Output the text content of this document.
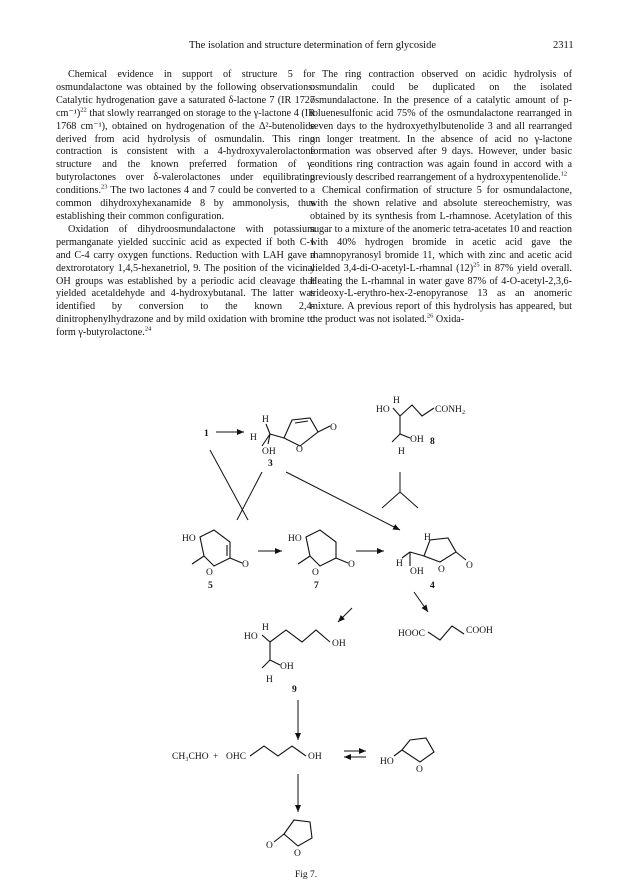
The isolation and structure determination of fern glycoside	2311

Chemical evidence in support of structure 5 for osmundalactone was obtained by the following observations: Catalytic hydrogenation gave a saturated δ-lactone 7 (IR 1727 cm⁻¹)$^{22}$ that slowly rearranged on storage to the γ-lactone 4 (IR 1768 cm⁻¹), obtained on hydrogenation of the Δ²-butenolide derived from acid hydrolysis of osmundalin. This ring contraction is consistent with a 4-hydroxyvalerolactone structure and the known preferred formation of γ-butyrolactones over δ-valerolactones under equilibrating conditions.$^{23}$ The two lactones 4 and 7 could be converted to a common dihydroxyhexanamide 8 by ammonolysis, thus establishing their common configuration.

Oxidation of dihydroosmundalactone with potassium permanganate yielded succinic acid as expected if both C-1 and C-4 carry oxygen functions. Reduction with LAH gave a dextrorotatory 1,4,5-hexanetriol, 9. The position of the vicinal OH groups was established by a periodic acid cleavage that yielded acetaldehyde and 4-hydroxybutanal. The latter was identified by conversion to the known 2,4-dinitrophenylhydrazone and by mild oxidation with bromine to form γ-butyrolactone.$^{24}$

The ring contraction observed on acidic hydrolysis of osmundalin could be duplicated on the isolated osmundalactone. In the presence of a catalytic amount of p-toluenesulfonic acid 75% of the osmundalactone rearranged in seven days to the hydroxyethylbutenolide 3 and all rearranged on longer treatment. In the absence of acid no γ-lactone formation was observed after 9 days. However, under basic conditions ring contraction was again found in accord with a previously described rearrangement of a hydroxypentenolide.$^{12}$

Chemical confirmation of structure 5 for osmundalactone, with the shown relative and absolute stereochemistry, was obtained by its synthesis from L-rhamnose. Acetylation of this sugar to a mixture of the anomeric tetra-acetates 10 and reaction with 40% hydrogen bromide in acetic acid gave the rhamnopyranosyl bromide 11, which with zinc and acetic acid yielded 3,4-di-O-acetyl-L-rhamnal $(12)^{25}$ in 87% yield overall. Heating the L-rhamnal in water gave 87% of 4-O-acetyl-2,3,6-trideoxy-L-erythro-hex-2-enopyranose 13 as an anomeric mixture. A previous report of this hydrolysis has appeared, but the product was not isolated.$^{26}$ Oxida-

1
H
H
OH O
O
3
HO
H
CONH₂
OH
H
8
HO
O
O
5
HO
O
O
7
H
H
OH O O
4
HO
H
OH
OH
H
9
HOOC	COOH
CH₃CHO + OHC	OH	HO
O
O
O
Fig 7.
